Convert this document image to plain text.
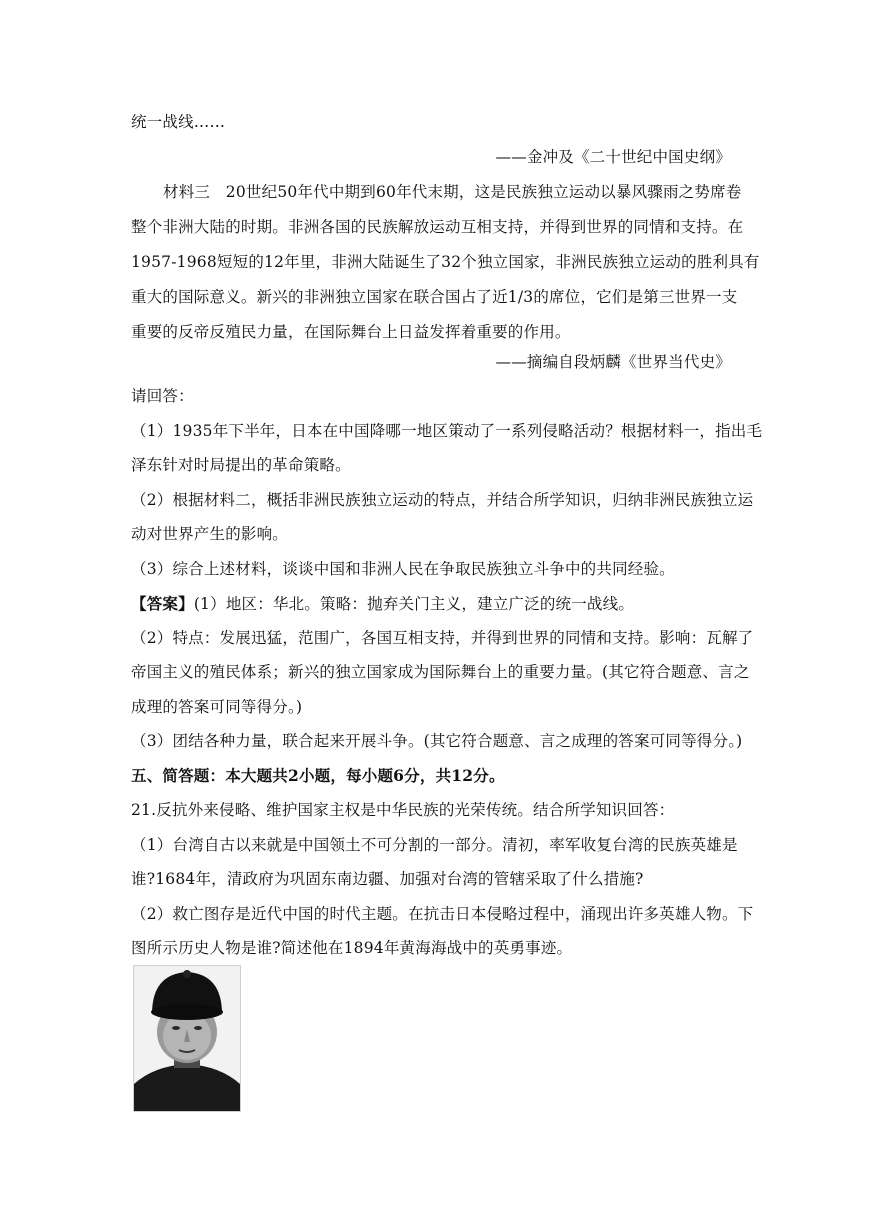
统一战线……
——金冲及《二十世纪中国史纲》
材料三　20世纪50年代中期到60年代末期，这是民族独立运动以暴风骤雨之势席卷
整个非洲大陆的时期。非洲各国的民族解放运动互相支持，并得到世界的同情和支持。在
1957-1968短短的12年里，非洲大陆诞生了32个独立国家，非洲民族独立运动的胜利具有
重大的国际意义。新兴的非洲独立国家在联合国占了近1/3的席位，它们是第三世界一支
重要的反帝反殖民力量，在国际舞台上日益发挥着重要的作用。
——摘编自段炳麟《世界当代史》
请回答：
（1）1935年下半年，日本在中国降哪一地区策动了一系列侵略活动？根据材料一，指出毛
泽东针对时局提出的革命策略。
（2）根据材料二，概括非洲民族独立运动的特点，并结合所学知识，归纳非洲民族独立运
动对世界产生的影响。
（3）综合上述材料，谈谈中国和非洲人民在争取民族独立斗争中的共同经验。
【答案】(1）地区：华北。策略：抛弃关门主义，建立广泛的统一战线。
（2）特点：发展迅猛，范围广，各国互相支持，并得到世界的同情和支持。影响：瓦解了
帝国主义的殖民体系；新兴的独立国家成为国际舞台上的重要力量。(其它符合题意、言之
成理的答案可同等得分。)
（3）团结各种力量，联合起来开展斗争。(其它符合题意、言之成理的答案可同等得分。)
五、简答题：本大题共2小题，每小题6分，共12分。
21.反抗外来侵略、维护国家主权是中华民族的光荣传统。结合所学知识回答：
（1）台湾自古以来就是中国领土不可分割的一部分。清初，率军收复台湾的民族英雄是
谁?1684年，清政府为巩固东南边疆、加强对台湾的管辖采取了什么措施?
（2）救亡图存是近代中国的时代主题。在抗击日本侵略过程中，涌现出许多英雄人物。下
图所示历史人物是谁?简述他在1894年黄海海战中的英勇事迹。
